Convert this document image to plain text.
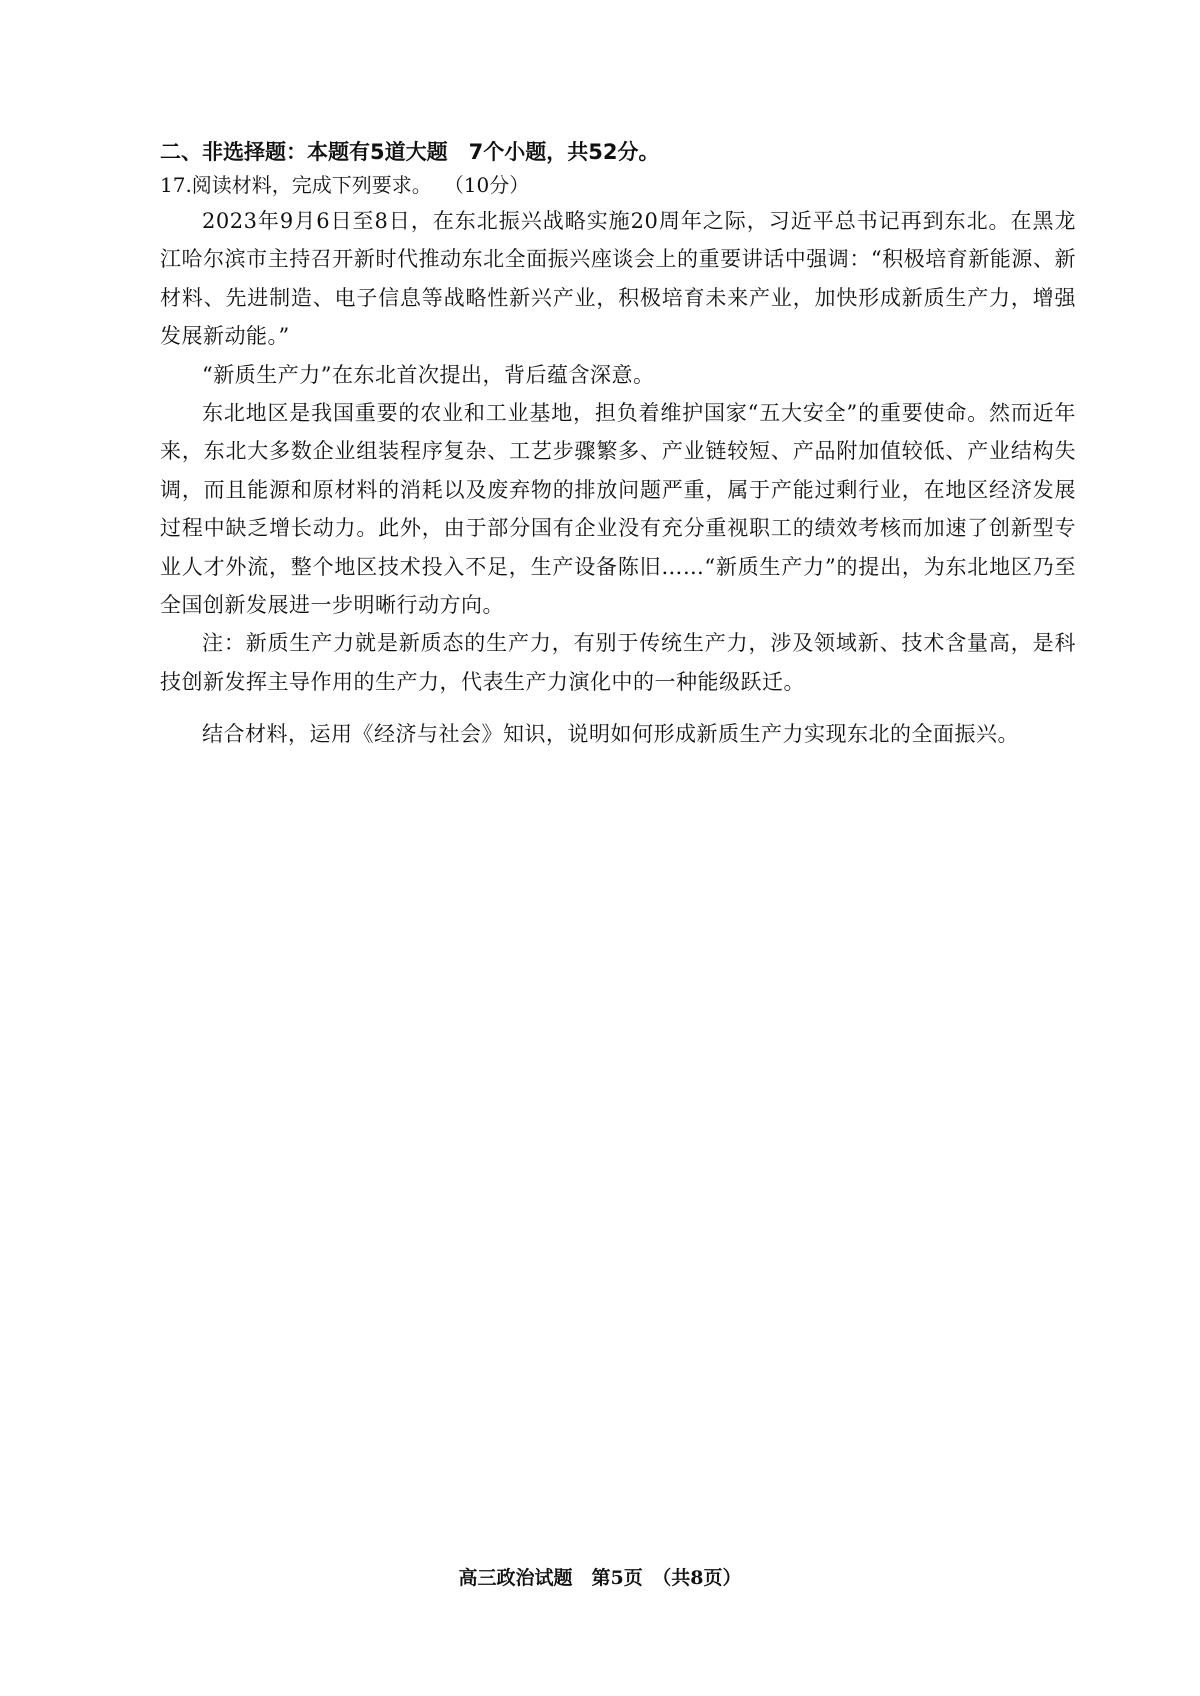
二、非选择题：本题有5道大题　7个小题，共52分。
17.阅读材料，完成下列要求。 （10分）

2023年9月6日至8日，在东北振兴战略实施20周年之际，习近平总书记再到东北。在黑龙江哈尔滨市主持召开新时代推动东北全面振兴座谈会上的重要讲话中强调：“积极培育新能源、新材料、先进制造、电子信息等战略性新兴产业，积极培育未来产业，加快形成新质生产力，增强发展新动能。”

“新质生产力”在东北首次提出，背后蕴含深意。

东北地区是我国重要的农业和工业基地，担负着维护国家“五大安全”的重要使命。然而近年来，东北大多数企业组装程序复杂、工艺步骤繁多、产业链较短、产品附加值较低、产业结构失调，而且能源和原材料的消耗以及废弃物的排放问题严重，属于产能过剩行业，在地区经济发展过程中缺乏增长动力。此外，由于部分国有企业没有充分重视职工的绩效考核而加速了创新型专业人才外流，整个地区技术投入不足，生产设备陈旧……“新质生产力”的提出，为东北地区乃至全国创新发展进一步明晰行动方向。

注：新质生产力就是新质态的生产力，有别于传统生产力，涉及领域新、技术含量高，是科技创新发挥主导作用的生产力，代表生产力演化中的一种能级跃迁。

结合材料，运用《经济与社会》知识，说明如何形成新质生产力实现东北的全面振兴。

高三政治试题　第5页　（共8页）
